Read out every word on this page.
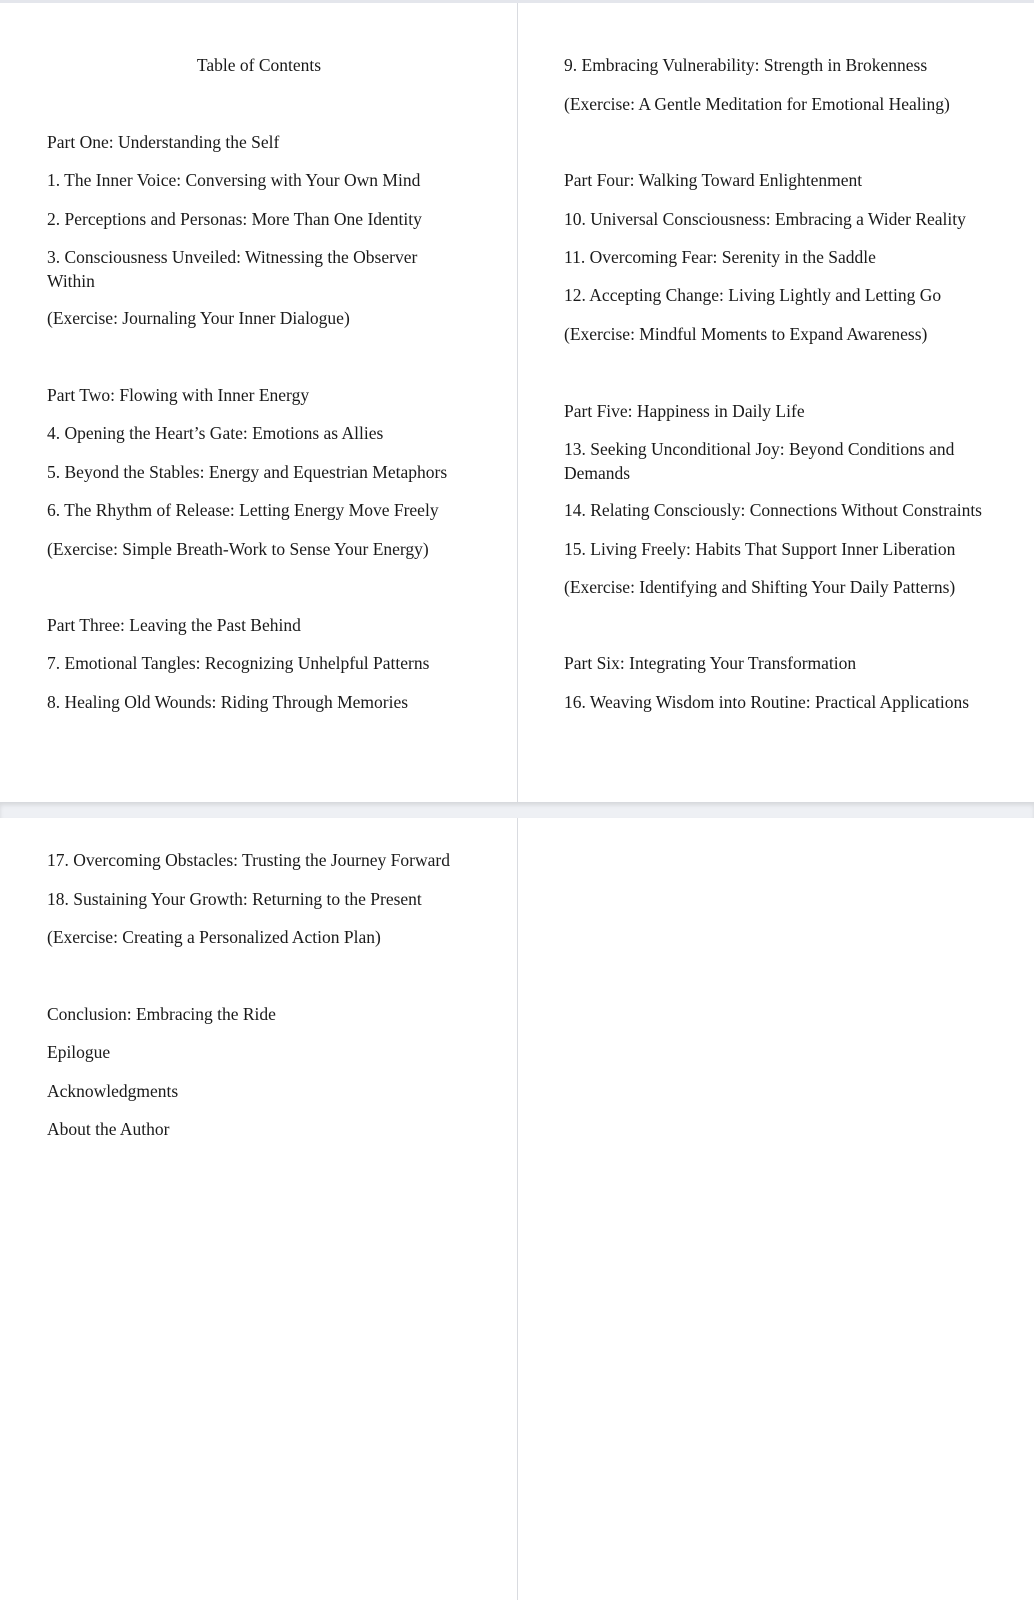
Table of Contents

Part One: Understanding the Self

1. The Inner Voice: Conversing with Your Own Mind

2. Perceptions and Personas: More Than One Identity

3. Consciousness Unveiled: Witnessing the Observer Within

(Exercise: Journaling Your Inner Dialogue)

Part Two: Flowing with Inner Energy

4. Opening the Heart’s Gate: Emotions as Allies

5. Beyond the Stables: Energy and Equestrian Metaphors

6. The Rhythm of Release: Letting Energy Move Freely

(Exercise: Simple Breath-Work to Sense Your Energy)

Part Three: Leaving the Past Behind

7. Emotional Tangles: Recognizing Unhelpful Patterns

8. Healing Old Wounds: Riding Through Memories

9. Embracing Vulnerability: Strength in Brokenness

(Exercise: A Gentle Meditation for Emotional Healing)

Part Four: Walking Toward Enlightenment

10. Universal Consciousness: Embracing a Wider Reality

11. Overcoming Fear: Serenity in the Saddle

12. Accepting Change: Living Lightly and Letting Go

(Exercise: Mindful Moments to Expand Awareness)

Part Five: Happiness in Daily Life

13. Seeking Unconditional Joy: Beyond Conditions and Demands

14. Relating Consciously: Connections Without Constraints

15. Living Freely: Habits That Support Inner Liberation

(Exercise: Identifying and Shifting Your Daily Patterns)

Part Six: Integrating Your Transformation

16. Weaving Wisdom into Routine: Practical Applications

17. Overcoming Obstacles: Trusting the Journey Forward

18. Sustaining Your Growth: Returning to the Present

(Exercise: Creating a Personalized Action Plan)

Conclusion: Embracing the Ride

Epilogue

Acknowledgments

About the Author
